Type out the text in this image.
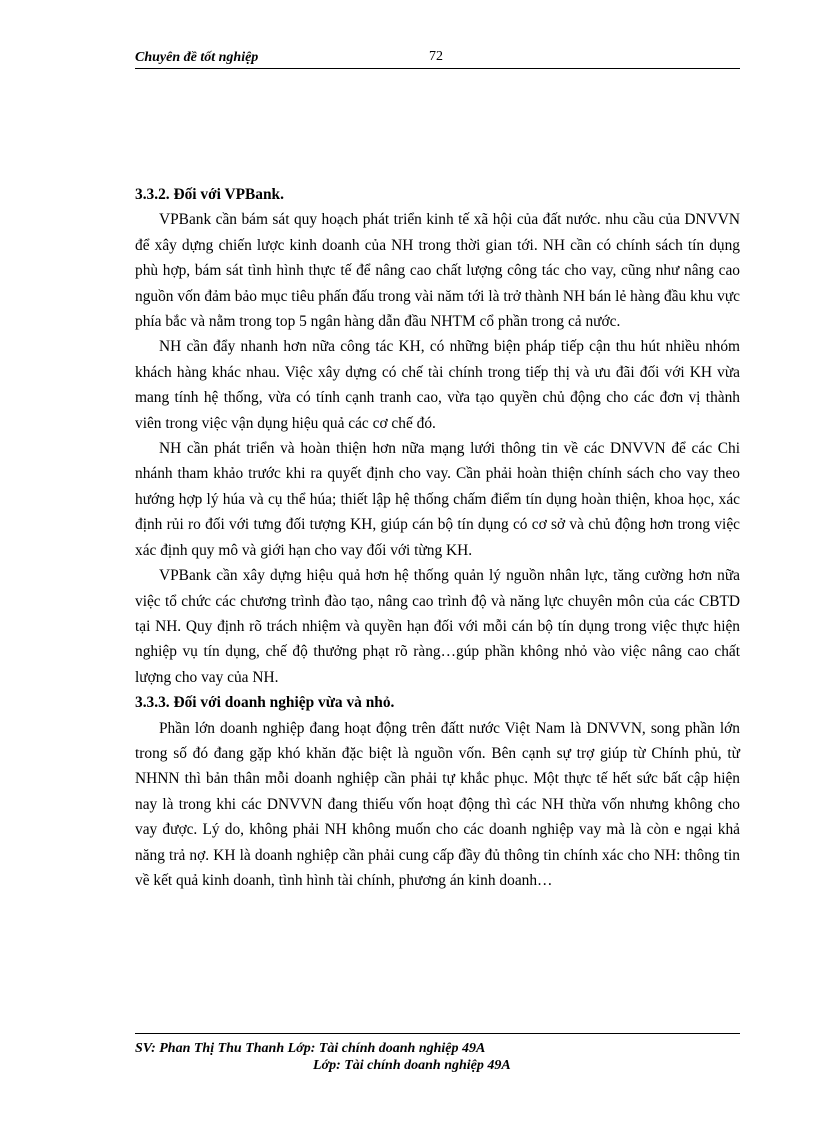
Chuyên đề tốt nghiệp	72

3.3.2. Đối với VPBank.

VPBank cần bám sát quy hoạch phát triển kinh tế xã hội của đất nước. nhu cầu của DNVVN để xây dựng chiến lược kinh doanh của NH trong thời gian tới. NH cần có chính sách tín dụng phù hợp, bám sát tình hình thực tế để nâng cao chất lượng công tác cho vay, cũng như nâng cao nguồn vốn đảm bảo mục tiêu phấn đấu trong vài năm tới là trở thành NH bán lẻ hàng đầu khu vực phía bắc và nằm trong top 5 ngân hàng dẫn đầu NHTM cổ phần trong cả nước.

NH cần đẩy nhanh hơn nữa công tác KH, có những biện pháp tiếp cận thu hút nhiều nhóm khách hàng khác nhau. Việc xây dựng có chế tài chính trong tiếp thị và ưu đãi đối với KH vừa mang tính hệ thống, vừa có tính cạnh tranh cao, vừa tạo quyền chủ động cho các đơn vị thành viên trong việc vận dụng hiệu quả các cơ chế đó.

NH cần phát triển và hoàn thiện hơn nữa mạng lưới thông tin về các DNVVN để các Chi nhánh tham khảo trước khi ra quyết định cho vay. Cần phải hoàn thiện chính sách cho vay theo hướng hợp lý húa và cụ thể húa; thiết lập hệ thống chấm điểm tín dụng hoàn thiện, khoa học, xác định rủi ro đối với tưng đối tượng KH, giúp cán bộ tín dụng có cơ sở và chủ động hơn trong việc xác định quy mô và giới hạn cho vay đối với từng KH.

VPBank cần xây dựng hiệu quả hơn hệ thống quản lý nguồn nhân lực, tăng cường hơn nữa việc tổ chức các chương trình đào tạo, nâng cao trình độ và năng lực chuyên môn của các CBTD tại NH. Quy định rõ trách nhiệm và quyền hạn đối với mỗi cán bộ tín dụng trong việc thực hiện nghiệp vụ tín dụng, chế độ thưởng phạt rõ ràng…gúp phần không nhỏ vào việc nâng cao chất lượng cho vay của NH.

3.3.3. Đối với doanh nghiệp vừa và nhỏ.

Phần lớn doanh nghiệp đang hoạt động trên đấtt nước Việt Nam là DNVVN, song phần lớn trong số đó đang gặp khó khăn đặc biệt là nguồn vốn. Bên cạnh sự trợ giúp từ Chính phủ, từ NHNN thì bản thân mỗi doanh nghiệp cần phải tự khắc phục. Một thực tế hết sức bất cập hiện nay là trong khi các DNVVN đang thiếu vốn hoạt động thì các NH thừa vốn nhưng không cho vay được. Lý do, không phải NH không muốn cho các doanh nghiệp vay mà là còn e ngại khả năng trả nợ. KH là doanh nghiệp cần phải cung cấp đầy đủ thông tin chính xác cho NH: thông tin về kết quả kinh doanh, tình hình tài chính, phương án kinh doanh…

SV: Phan Thị Thu Thanh Lớp: Tài chính doanh nghiệp 49A
Lớp: Tài chính doanh nghiệp 49A
